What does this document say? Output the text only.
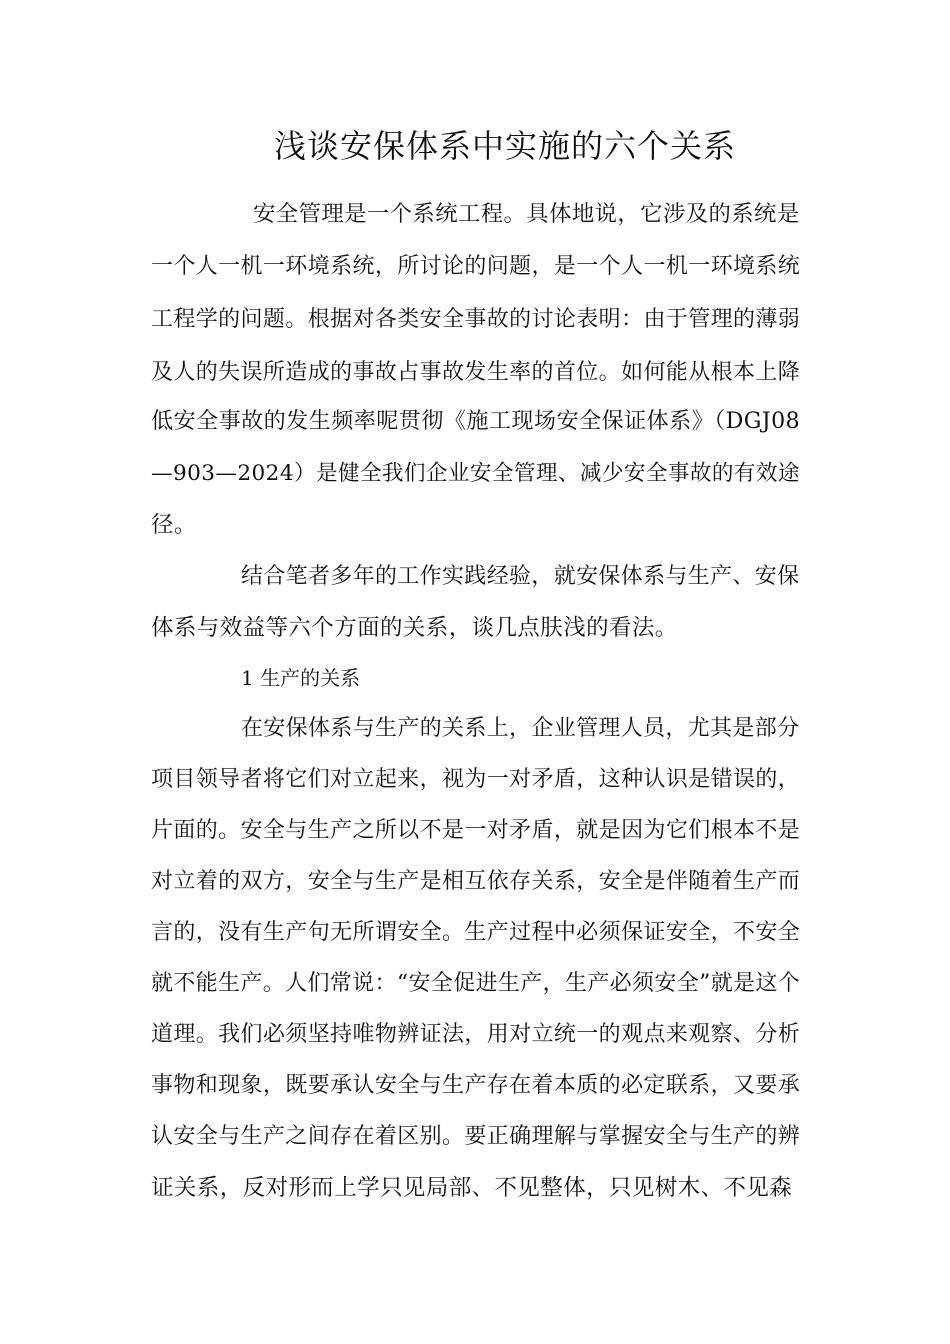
浅谈安保体系中实施的六个关系
安全管理是一个系统工程。具体地说，它涉及的系统是
一个人一机一环境系统，所讨论的问题，是一个人一机一环境系统
工程学的问题。根据对各类安全事故的讨论表明：由于管理的薄弱
及人的失误所造成的事故占事故发生率的首位。如何能从根本上降
低安全事故的发生频率呢贯彻《施工现场安全保证体系》（DGJ08
—903—2024）是健全我们企业安全管理、减少安全事故的有效途
径。
结合笔者多年的工作实践经验，就安保体系与生产、安保
体系与效益等六个方面的关系，谈几点肤浅的看法。
1 生产的关系
在安保体系与生产的关系上，企业管理人员，尤其是部分
项目领导者将它们对立起来，视为一对矛盾，这种认识是错误的，
片面的。安全与生产之所以不是一对矛盾，就是因为它们根本不是
对立着的双方，安全与生产是相互依存关系，安全是伴随着生产而
言的，没有生产句无所谓安全。生产过程中必须保证安全，不安全
就不能生产。人们常说：“安全促进生产，生产必须安全”就是这个
道理。我们必须坚持唯物辨证法，用对立统一的观点来观察、分析
事物和现象，既要承认安全与生产存在着本质的必定联系，又要承
认安全与生产之间存在着区别。要正确理解与掌握安全与生产的辨
证关系，反对形而上学只见局部、不见整体，只见树木、不见森
